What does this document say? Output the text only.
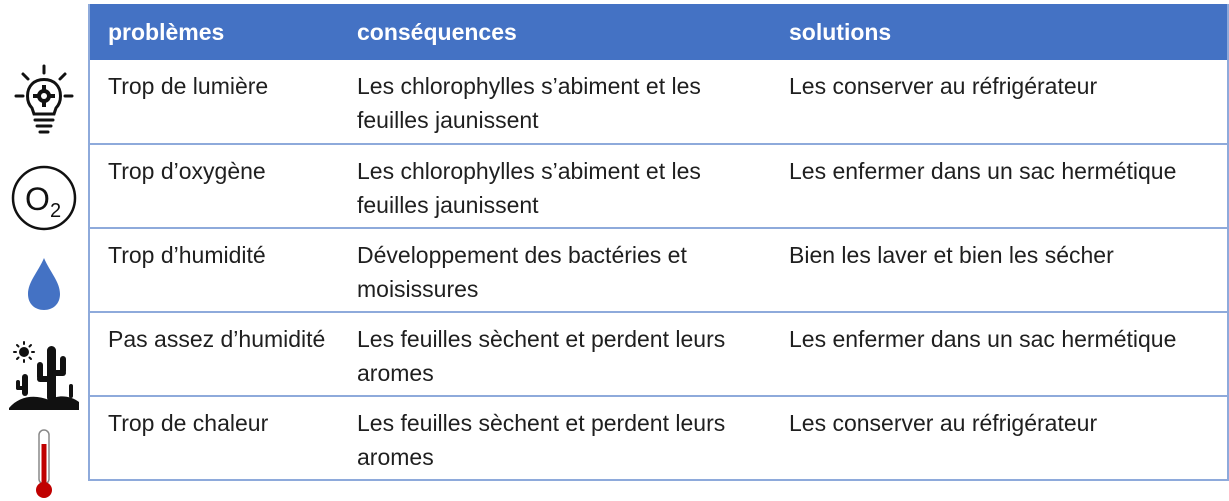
O 2
problèmes	conséquences	solutions
Trop de lumière	Les chlorophylles s’abiment et les feuilles jaunissent	Les conserver au réfrigérateur
Trop d’oxygène	Les chlorophylles s’abiment et les feuilles jaunissent	Les enfermer dans un sac hermétique
Trop d’humidité	Développement des bactéries et moisissures	Bien les laver et bien les sécher
Pas assez d’humidité	Les feuilles sèchent et perdent leurs aromes	Les enfermer dans un sac hermétique
Trop de chaleur	Les feuilles sèchent et perdent leurs aromes	Les conserver au réfrigérateur
